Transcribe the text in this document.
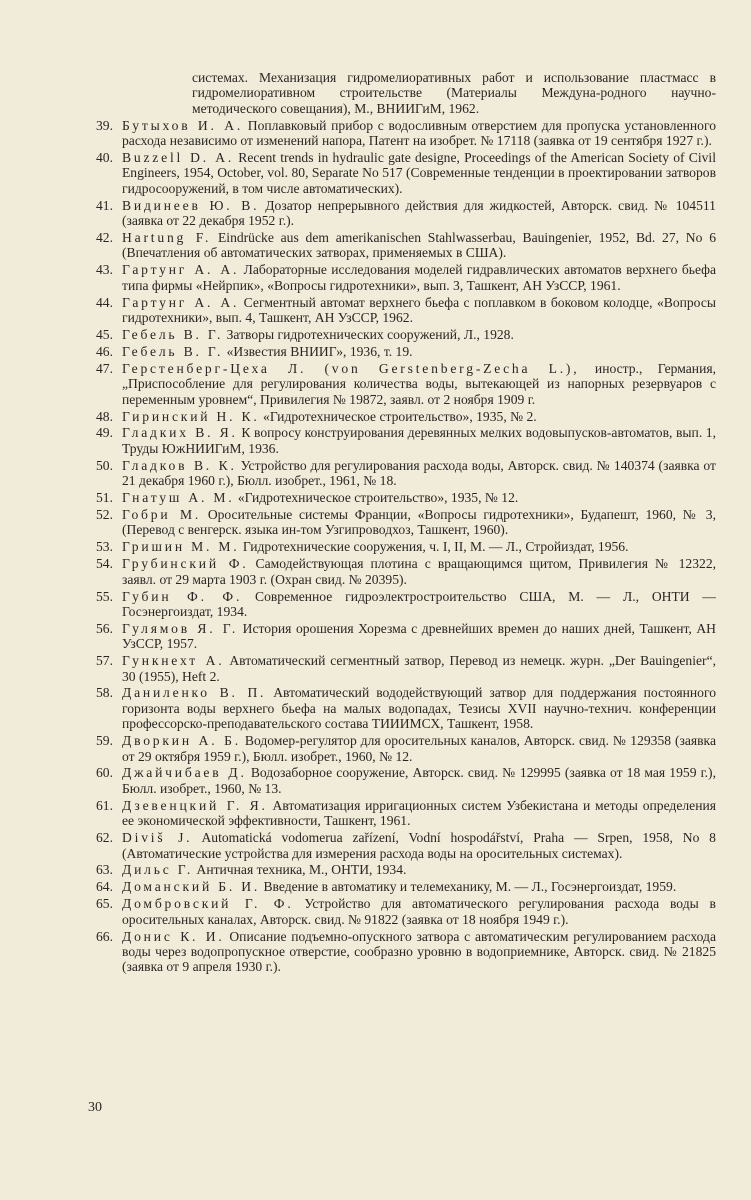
системах. Механизация гидромелиоративных работ и использование пластмасс в гидромелиоративном строительстве (Материалы Междуна-родного научно-методического совещания), М., ВНИИГиМ, 1962.
39. Бутыхов И. А. Поплавковый прибор с водосливным отверстием для пропуска установленного расхода независимо от изменений напора, Патент на изобрет. № 17118 (заявка от 19 сентября 1927 г.).
40. Buzzell D. A. Recent trends in hydraulic gate designe, Proceedings of the American Society of Civil Engineers, 1954, October, vol. 80, Separate No 517 (Современные тенденции в проектировании затворов гидросооружений, в том числе автоматических).
41. Видинеев Ю. В. Дозатор непрерывного действия для жидкостей, Авторск. свид. № 104511 (заявка от 22 декабря 1952 г.).
42. Hartung F. Eindrücke aus dem amerikanischen Stahlwasserbau, Bauingenier, 1952, Bd. 27, No 6 (Впечатления об автоматических затворах, применяемых в США).
43. Гартунг А. А. Лабораторные исследования моделей гидравлических автоматов верхнего бьефа типа фирмы «Нейрпик», «Вопросы гидротехники», вып. 3, Ташкент, АН УзССР, 1961.
44. Гартунг А. А. Сегментный автомат верхнего бьефа с поплавком в боковом колодце, «Вопросы гидротехники», вып. 4, Ташкент, АН УзССР, 1962.
45. Гебель В. Г. Затворы гидротехнических сооружений, Л., 1928.
46. Гебель В. Г. «Известия ВНИИГ», 1936, т. 19.
47. Герстенберг-Цеха Л. (von Gerstenberg-Zecha L.), иностр., Германия, „Приспособление для регулирования количества воды, вытекающей из напорных резервуаров с переменным уровнем“, Привилегия № 19872, заявл. от 2 ноября 1909 г.
48. Гиринский Н. К. «Гидротехническое строительство», 1935, № 2.
49. Гладких В. Я. К вопросу конструирования деревянных мелких водовыпусков-автоматов, вып. 1, Труды ЮжНИИГиМ, 1936.
50. Гладков В. К. Устройство для регулирования расхода воды, Авторск. свид. № 140374 (заявка от 21 декабря 1960 г.), Бюлл. изобрет., 1961, № 18.
51. Гнатуш А. М. «Гидротехническое строительство», 1935, № 12.
52. Гобри М. Оросительные системы Франции, «Вопросы гидротехники», Будапешт, 1960, № 3, (Перевод с венгерск. языка ин-том Узгипроводхоз, Ташкент, 1960).
53. Гришин М. М. Гидротехнические сооружения, ч. I, II, М. — Л., Стройиздат, 1956.
54. Грубинский Ф. Самодействующая плотина с вращающимся щитом, Привилегия № 12322, заявл. от 29 марта 1903 г. (Охран свид. № 20395).
55. Губин Ф. Ф. Современное гидроэлектростроительство США, М. — Л., ОНТИ — Госэнергоиздат, 1934.
56. Гулямов Я. Г. История орошения Хорезма с древнейших времен до наших дней, Ташкент, АН УзССР, 1957.
57. Гункнехт А. Автоматический сегментный затвор, Перевод из немецк. журн. „Der Bauingenier“, 30 (1955), Heft 2.
58. Даниленко В. П. Автоматический вододействующий затвор для поддержания постоянного горизонта воды верхнего бьефа на малых водопадах, Тезисы XVII научно-технич. конференции профессорско-преподавательского состава ТИИИМСХ, Ташкент, 1958.
59. Дворкин А. Б. Водомер-регулятор для оросительных каналов, Авторск. свид. № 129358 (заявка от 29 октября 1959 г.), Бюлл. изобрет., 1960, № 12.
60. Джайчибаев Д. Водозаборное сооружение, Авторск. свид. № 129995 (заявка от 18 мая 1959 г.), Бюлл. изобрет., 1960, № 13.
61. Дзевенцкий Г. Я. Автоматизация ирригационных систем Узбекистана и методы определения ее экономической эффективности, Ташкент, 1961.
62. Diviš J. Automatická vodomerua zařízení, Vodní hospodářství, Praha — Srpen, 1958, No 8 (Автоматические устройства для измерения расхода воды на оросительных системах).
63. Дильс Г. Античная техника, М., ОНТИ, 1934.
64. Доманский Б. И. Введение в автоматику и телемеханику, М. — Л., Госэнергоиздат, 1959.
65. Домбровский Г. Ф. Устройство для автоматического регулирования расхода воды в оросительных каналах, Авторск. свид. № 91822 (заявка от 18 ноября 1949 г.).
66. Донис К. И. Описание подъемно-опускного затвора с автоматическим регулированием расхода воды через водопропускное отверстие, сообразно уровню в водоприемнике, Авторск. свид. № 21825 (заявка от 9 апреля 1930 г.).
30
